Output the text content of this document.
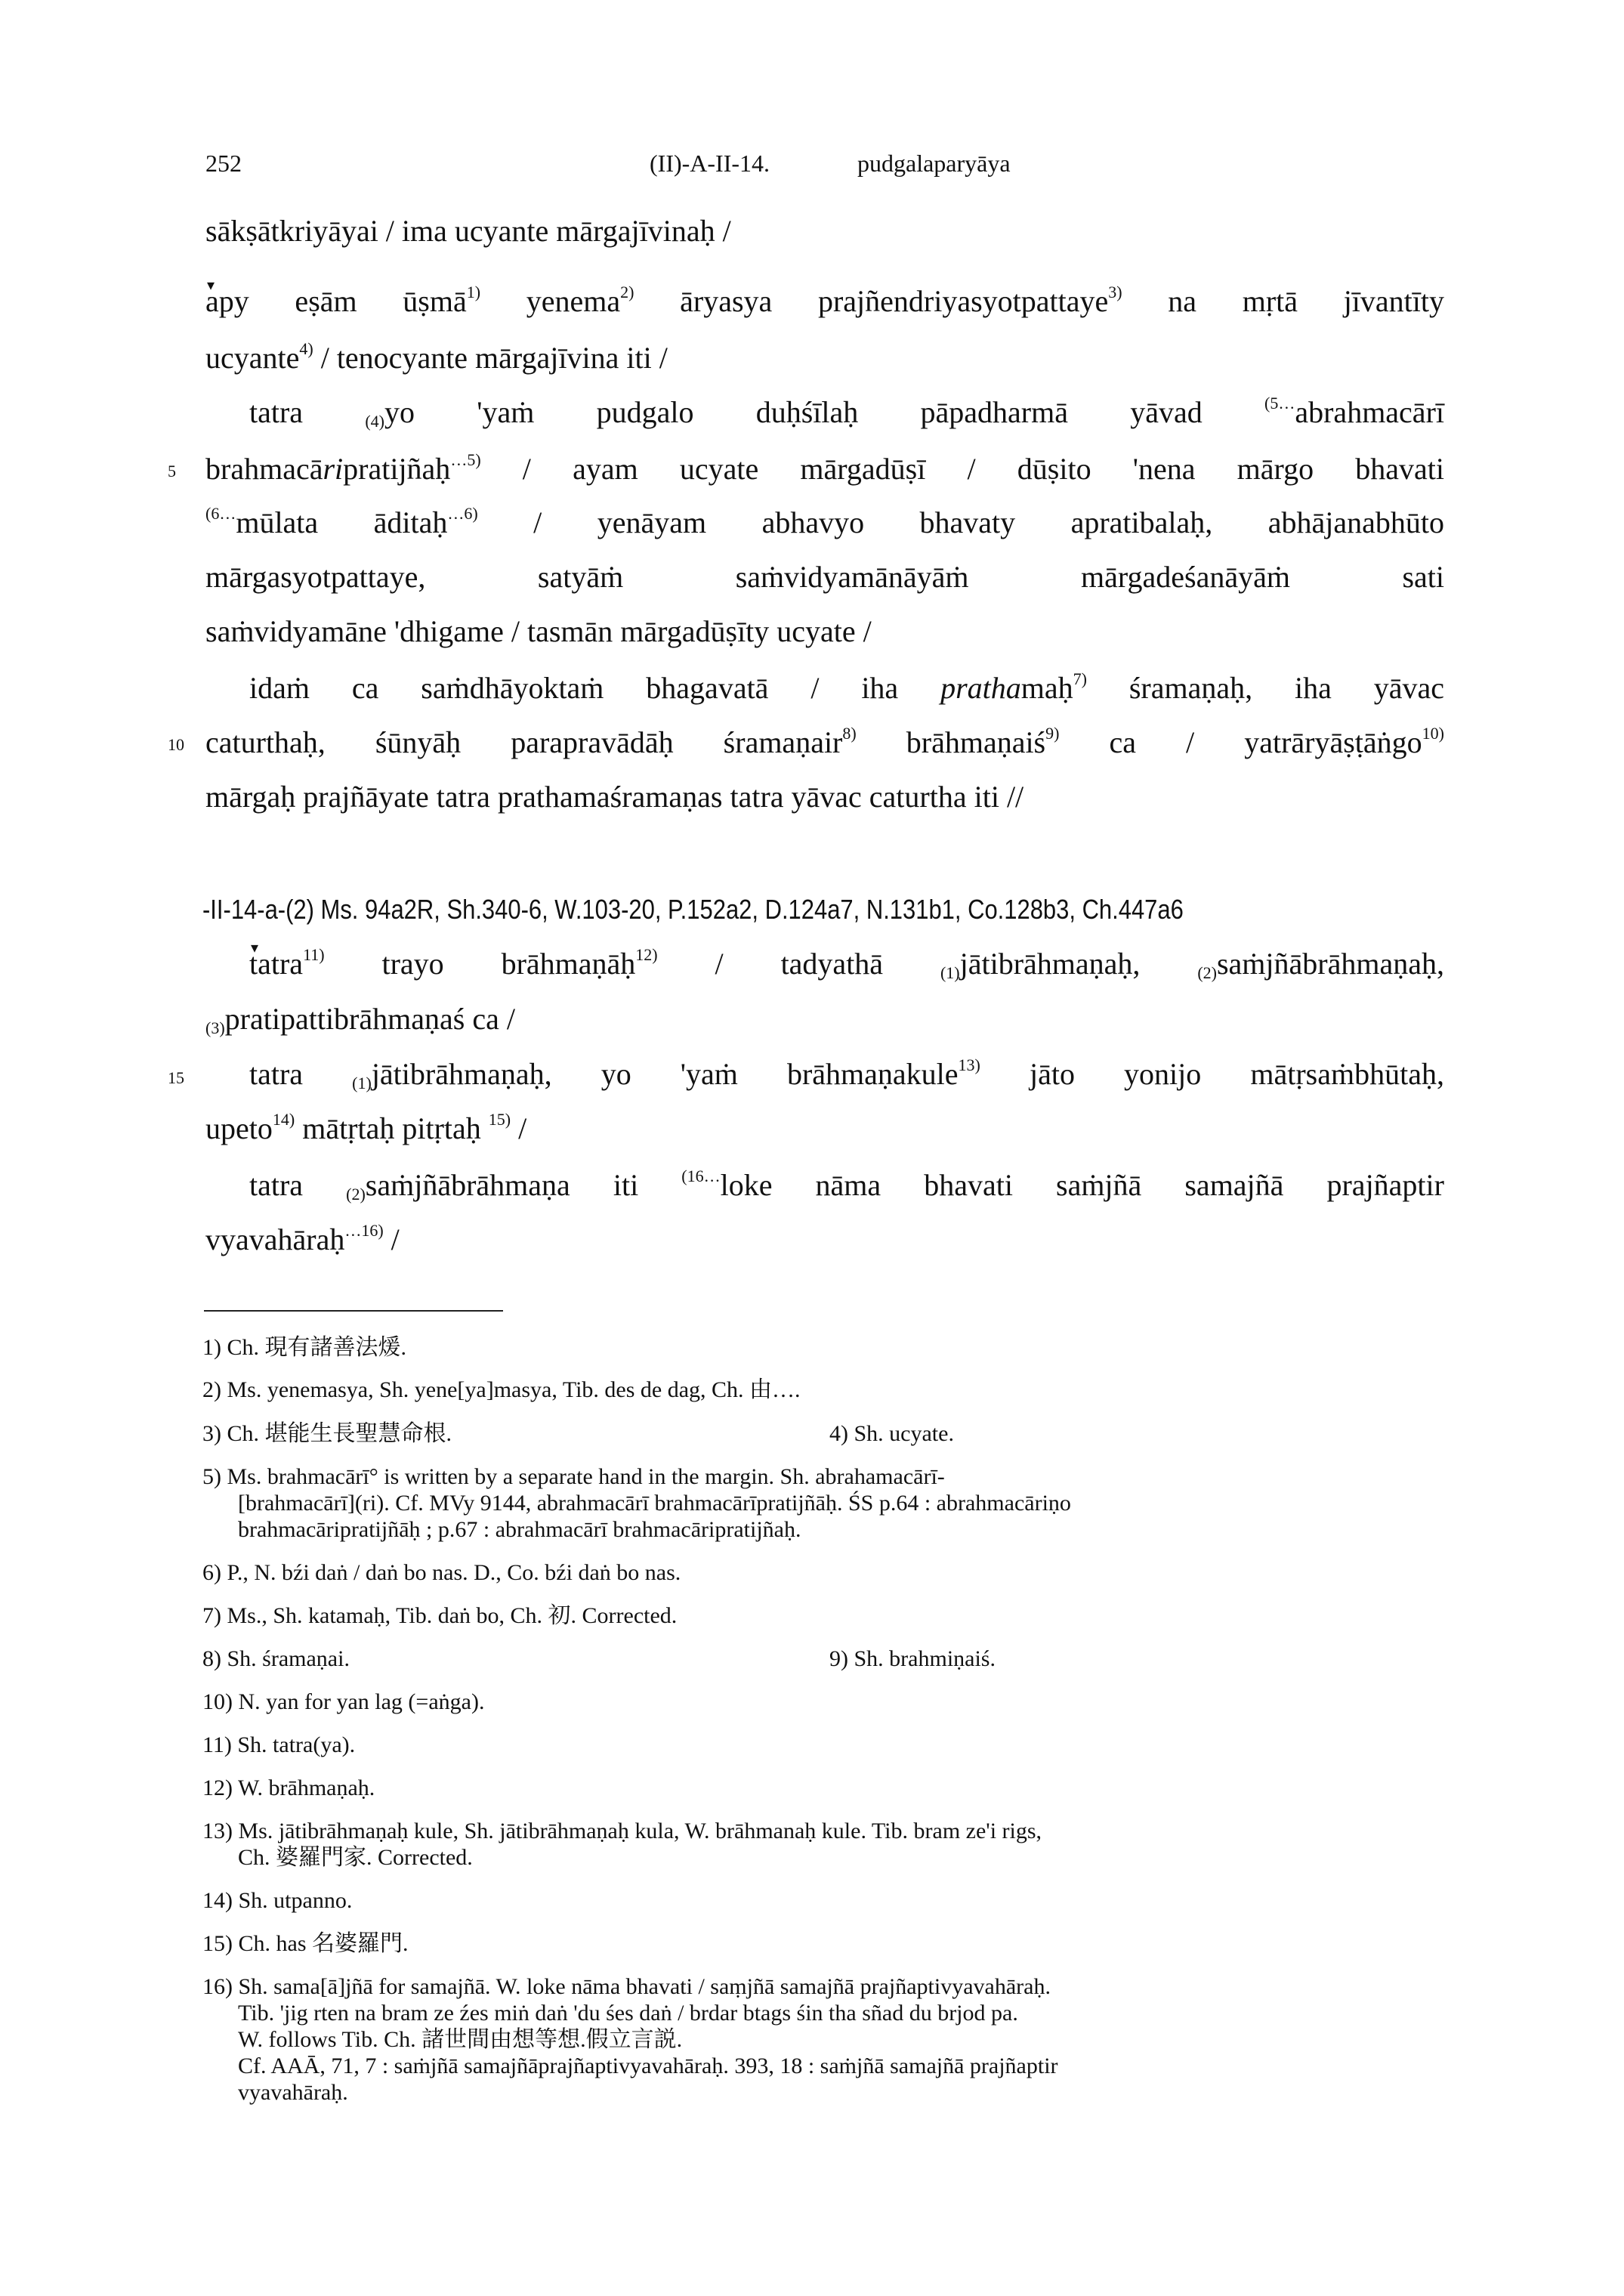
252	(II)-A-II-14.	pudgalaparyāya
sākṣātkriyāyai / ima ucyante mārgajīvinaḥ /
▾ apy eṣām ūṣmā$^{1)}$ yenema$^{2)}$ āryasya prajñendriyasyotpattaye$^{3)}$ na mṛtā jīvantīty
ucyante$^{4)}$ / tenocyante mārgajīvina iti /
tatra $_{(4)}$yo 'yaṁ pudgalo duḥśīlaḥ pāpadharmā yāvad $^{(5\dots}$abrahmacārī
5 brahmacāripratijñaḥ$^{\dots 5)}$ / ayam ucyate mārgadūṣī / dūṣito 'nena mārgo bhavati
$^{(6\dots}$mūlata āditaḥ$^{\dots 6)}$ / yenāyam abhavyo bhavaty apratibalaḥ, abhājanabhūto
mārgasyotpattaye, satyāṁ saṁvidyamānāyāṁ mārgadeśanāyāṁ sati
saṁvidyamāne 'dhigame / tasmān mārgadūṣīty ucyate /
idaṁ ca saṁdhāyoktaṁ bhagavatā / iha prathamaḥ$^{7)}$ śramaṇaḥ, iha yāvac
10 caturthaḥ, śūnyāḥ parapravādāḥ śramaṇair$^{8)}$ brāhmaṇaiś$^{9)}$ ca / yatrāryāṣṭāṅgo$^{10)}$
mārgaḥ prajñāyate tatra prathamaśramaṇas tatra yāvac caturtha iti //
-II-14-a-(2) Ms. 94a2R, Sh.340-6, W.103-20, P.152a2, D.124a7, N.131b1, Co.128b3, Ch.447a6
▾ tatra$^{11)}$ trayo brāhmaṇāḥ$^{12)}$ / tadyathā $_{(1)}$jātibrāhmaṇaḥ, $_{(2)}$saṁjñābrāhmaṇaḥ,
$_{(3)}$pratipattibrāhmaṇaś ca /
15 tatra $_{(1)}$jātibrāhmaṇaḥ, yo 'yaṁ brāhmaṇakule$^{13)}$ jāto yonijo mātṛsaṁbhūtaḥ,
upeto$^{14)}$ mātṛtaḥ pitṛtaḥ $^{15)}$ /
tatra $_{(2)}$saṁjñābrāhmaṇa iti $^{(16\dots}$loke nāma bhavati saṁjñā samajñā prajñaptir
vyavahāraḥ$^{\dots 16)}$ /
1) Ch. 現有諸善法煖.
2) Ms. yenemasya, Sh. yene[ya]masya, Tib. des de dag, Ch. 由….
3) Ch. 堪能生長聖慧命根.	4) Sh. ucyate.
5) Ms. brahmacārī° is written by a separate hand in the margin. Sh. abrahamacārī-
[brahmacārī](ri). Cf. MVy 9144, abrahmacārī brahmacārīpratijñāḥ. ŚS p.64 : abrahmacāriṇo
brahmacāripratijñāḥ ; p.67 : abrahmacārī brahmacāripratijñaḥ.
6) P., N. bźi daṅ / daṅ bo nas. D., Co. bźi daṅ bo nas.
7) Ms., Sh. katamaḥ, Tib. daṅ bo, Ch. 初. Corrected.
8) Sh. śramaṇai.	9) Sh. brahmiṇaiś.
10) N. yan for yan lag (=aṅga).
11) Sh. tatra(ya).
12) W. brāhmaṇaḥ.
13) Ms. jātibrāhmaṇaḥ kule, Sh. jātibrāhmaṇaḥ kula, W. brāhmanaḥ kule. Tib. bram ze'i rigs,
Ch. 婆羅門家. Corrected.
14) Sh. utpanno.
15) Ch. has 名婆羅門.
16) Sh. sama[ā]jñā for samajñā. W. loke nāma bhavati / saṃjñā samajñā prajñaptivyavahāraḥ.
Tib. 'jig rten na bram ze źes miṅ daṅ 'du śes daṅ / brdar btags śin tha sñad du brjod pa.
W. follows Tib. Ch. 諸世間由想等想.假立言説.
Cf. AAĀ, 71, 7 : saṁjñā samajñāprajñaptivyavahāraḥ. 393, 18 : saṁjñā samajñā prajñaptir
vyavahāraḥ.
